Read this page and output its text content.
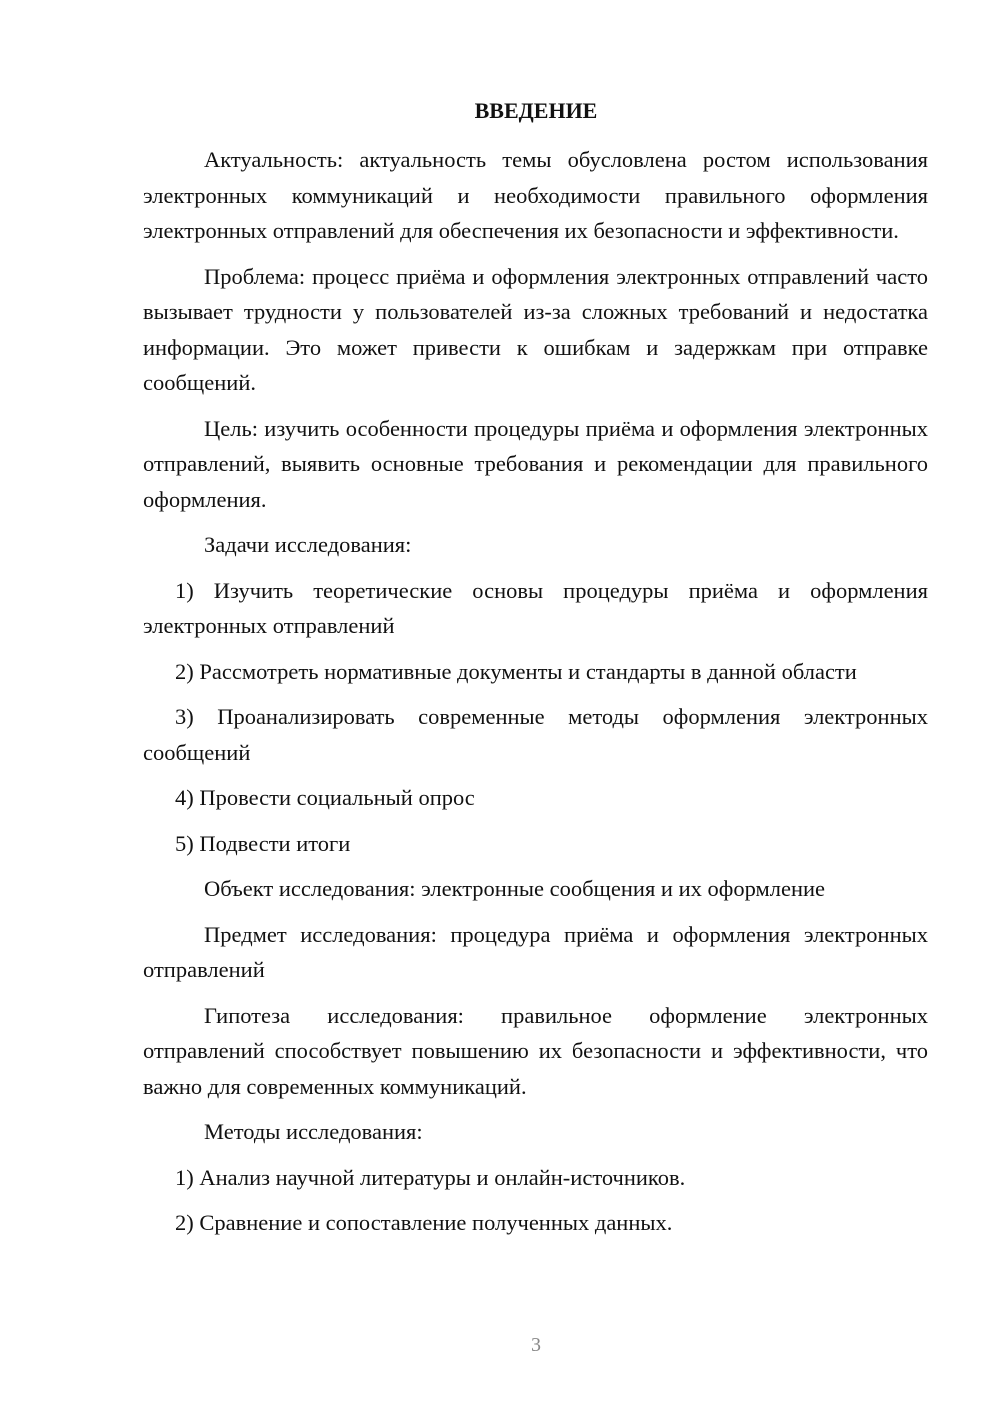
ВВЕДЕНИЕ

Актуальность: актуальность темы обусловлена ростом использования электронных коммуникаций и необходимости правильного оформления электронных отправлений для обеспечения их безопасности и эффективности.

Проблема: процесс приёма и оформления электронных отправлений часто вызывает трудности у пользователей из-за сложных требований и недостатка информации. Это может привести к ошибкам и задержкам при отправке сообщений.

Цель: изучить особенности процедуры приёма и оформления электронных отправлений, выявить основные требования и рекомендации для правильного оформления.

Задачи исследования:

1) Изучить теоретические основы процедуры приёма и оформления электронных отправлений

2) Рассмотреть нормативные документы и стандарты в данной области

3) Проанализировать современные методы оформления электронных сообщений

4) Провести социальный опрос

5) Подвести итоги

Объект исследования: электронные сообщения и их оформление

Предмет исследования: процедура приёма и оформления электронных отправлений

Гипотеза исследования: правильное оформление электронных отправлений способствует повышению их безопасности и эффективности, что важно для современных коммуникаций.

Методы исследования:

1) Анализ научной литературы и онлайн-источников.

2) Сравнение и сопоставление полученных данных.

3
